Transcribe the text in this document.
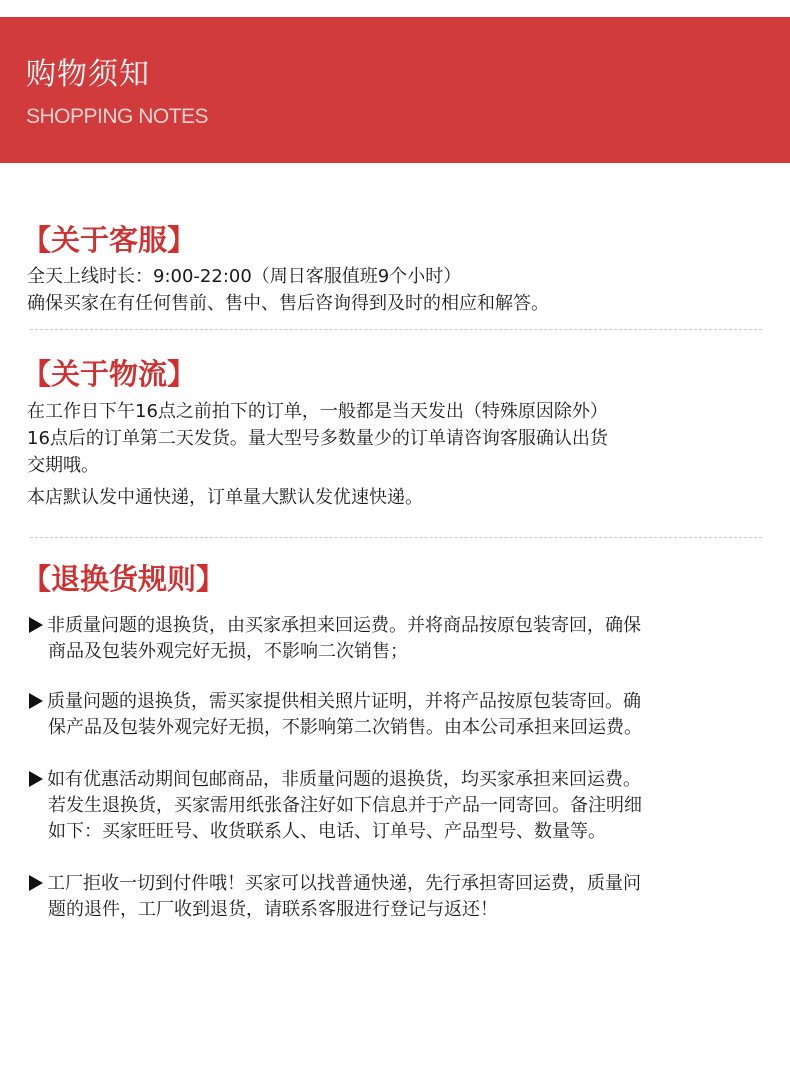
购物须知
SHOPPING NOTES
【关于客服】
全天上线时长：9:00-22:00（周日客服值班9个小时）
确保买家在有任何售前、售中、售后咨询得到及时的相应和解答。
【关于物流】
在工作日下午16点之前拍下的订单，一般都是当天发出（特殊原因除外）
16点后的订单第二天发货。量大型号多数量少的订单请咨询客服确认出货
交期哦。
本店默认发中通快递，订单量大默认发优速快递。
【退换货规则】
非质量问题的退换货，由买家承担来回运费。并将商品按原包装寄回，确保
商品及包装外观完好无损，不影响二次销售；
质量问题的退换货，需买家提供相关照片证明，并将产品按原包装寄回。确
保产品及包装外观完好无损，不影响第二次销售。由本公司承担来回运费。
如有优惠活动期间包邮商品，非质量问题的退换货，均买家承担来回运费。
若发生退换货，买家需用纸张备注好如下信息并于产品一同寄回。备注明细
如下：买家旺旺号、收货联系人、电话、订单号、产品型号、数量等。
工厂拒收一切到付件哦！买家可以找普通快递，先行承担寄回运费，质量问
题的退件，工厂收到退货，请联系客服进行登记与返还！
